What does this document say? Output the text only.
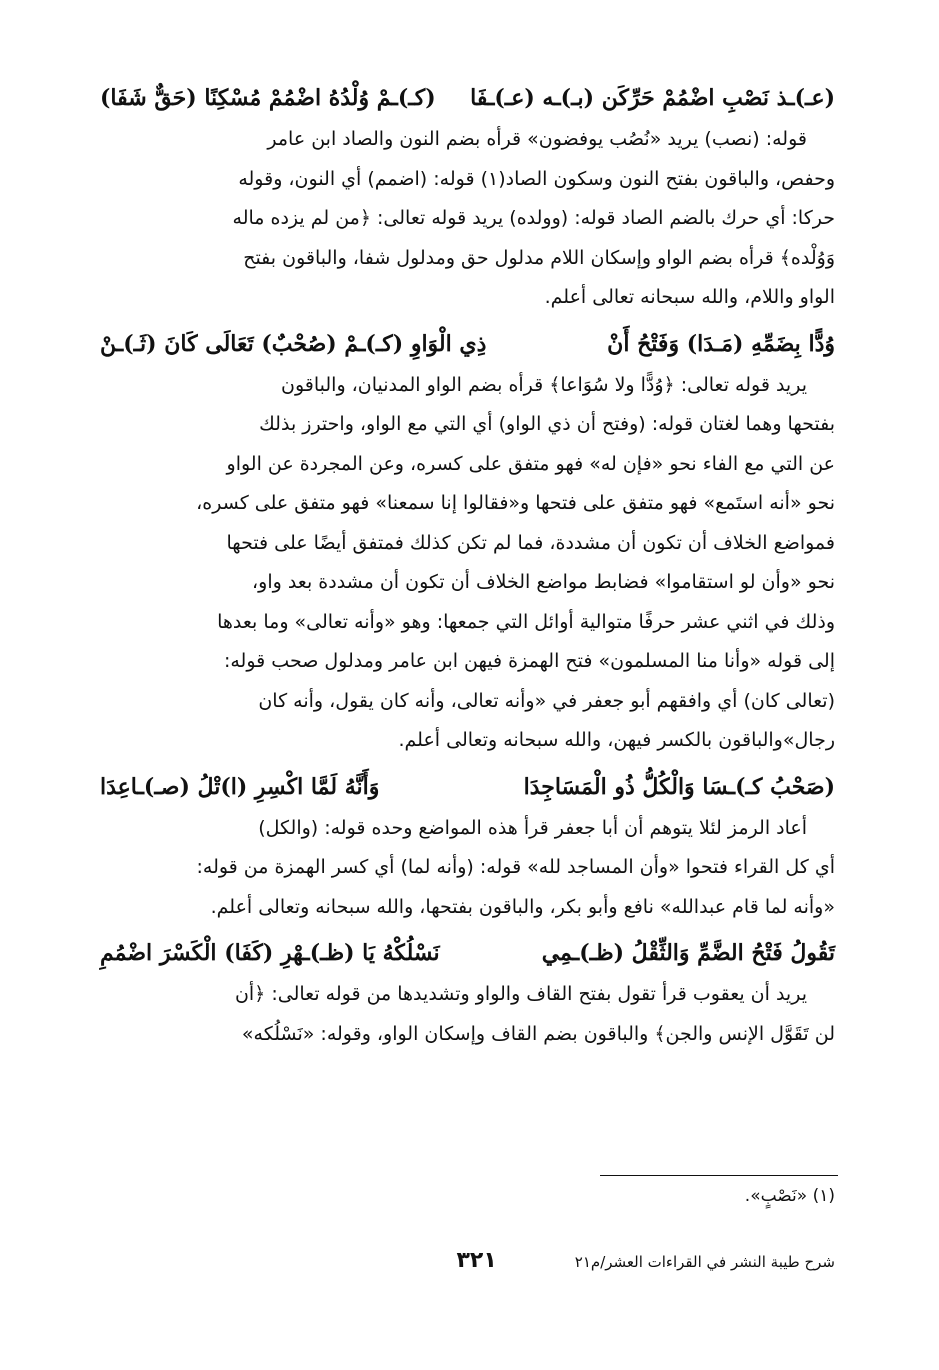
(عـ)ـذ نَصْبِ اضْمُمْ حَرِّكَن (بـ)ـه (عـ)ـفَا
(كـ)ـمْ وُلْدُهُ اضْمُمْ مُسْكِنًا (حَقٌّ شَفَا)
قوله: (نصب) يريد «نُصُب يوفضون» قرأه بضم النون والصاد ابن عامر
وحفص، والباقون بفتح النون وسكون الصاد(١) قوله: (اضمم) أي النون، وقوله
حركا: أي حرك بالضم الصاد قوله: (وولده) يريد قوله تعالى: ﴿من لم يزده ماله
وَوُلْده﴾ قرأه بضم الواو وإسكان اللام مدلول حق ومدلول شفا، والباقون بفتح
الواو واللام، والله سبحانه تعالى أعلم.
وُدًّا بِضَمِّهِ (مَـدَا) وَفَتْحُ أَنْ
ذِي الْوَاوِ (كـ)ـمْ (صُحْبٌ) تَعَالَى كَانَ (ثَـ)ـنْ
يريد قوله تعالى: ﴿وُدًّا ولا سُوَاعا﴾ قرأه بضم الواو المدنيان، والباقون
بفتحها وهما لغتان قوله: (وفتح أن ذي الواو) أي التي مع الواو، واحترز بذلك
عن التي مع الفاء نحو «فإن له» فهو متفق على كسره، وعن المجردة عن الواو
نحو «أنه استَمع» فهو متفق على فتحها و«فقالوا إنا سمعنا» فهو متفق على كسره،
فمواضع الخلاف أن تكون أن مشددة، فما لم تكن كذلك فمتفق أيضًا على فتحها
نحو «وأن لو استقاموا» فضابط مواضع الخلاف أن تكون أن مشددة بعد واو،
وذلك في اثني عشر حرفًا متوالية أوائل التي جمعها: وهو «وأنه تعالى» وما بعدها
إلى قوله «وأنا منا المسلمون» فتح الهمزة فيهن ابن عامر ومدلول صحب قوله:
(تعالى كان) أي وافقهم أبو جعفر في «وأنه تعالى، وأنه كان يقول، وأنه كان
رجال»والباقون بالكسر فيهن، والله سبحانه وتعالى أعلم.
(صَحْبُ كـ)ـسَا وَالْكُلُّ ذُو الْمَسَاجِدَا
وَأَنَّهُ لَمَّا اكْسِرِ (ا)تْلُ (صـ)ـاعِدَا
أعاد الرمز لئلا يتوهم أن أبا جعفر قرأ هذه المواضع وحده قوله: (والكل)
أي كل القراء فتحوا «وأن المساجد لله» قوله: (وأنه لما) أي كسر الهمزة من قوله:
«وأنه لما قام عبدالله» نافع وأبو بكر، والباقون بفتحها، والله سبحانه وتعالى أعلم.
تَقُولُ فَتْحُ الضَّمِّ وَالثِّقْلُ (ظـ)ـمِي
نَسْلُكْهُ يَا (ظـ)ـهْرِ (كَفَا) الْكَسْرَ اضْمُمِ
يريد أن يعقوب قرأ تقول بفتح القاف والواو وتشديدها من قوله تعالى: ﴿أن
لن تَقَوَّل الإنس والجن﴾ والباقون بضم القاف وإسكان الواو، وقوله: «نَسْلُكه»
(١) «نَصْبٍ».
شرح طيبة النشر في القراءات العشر/م٢١
٣٢١
